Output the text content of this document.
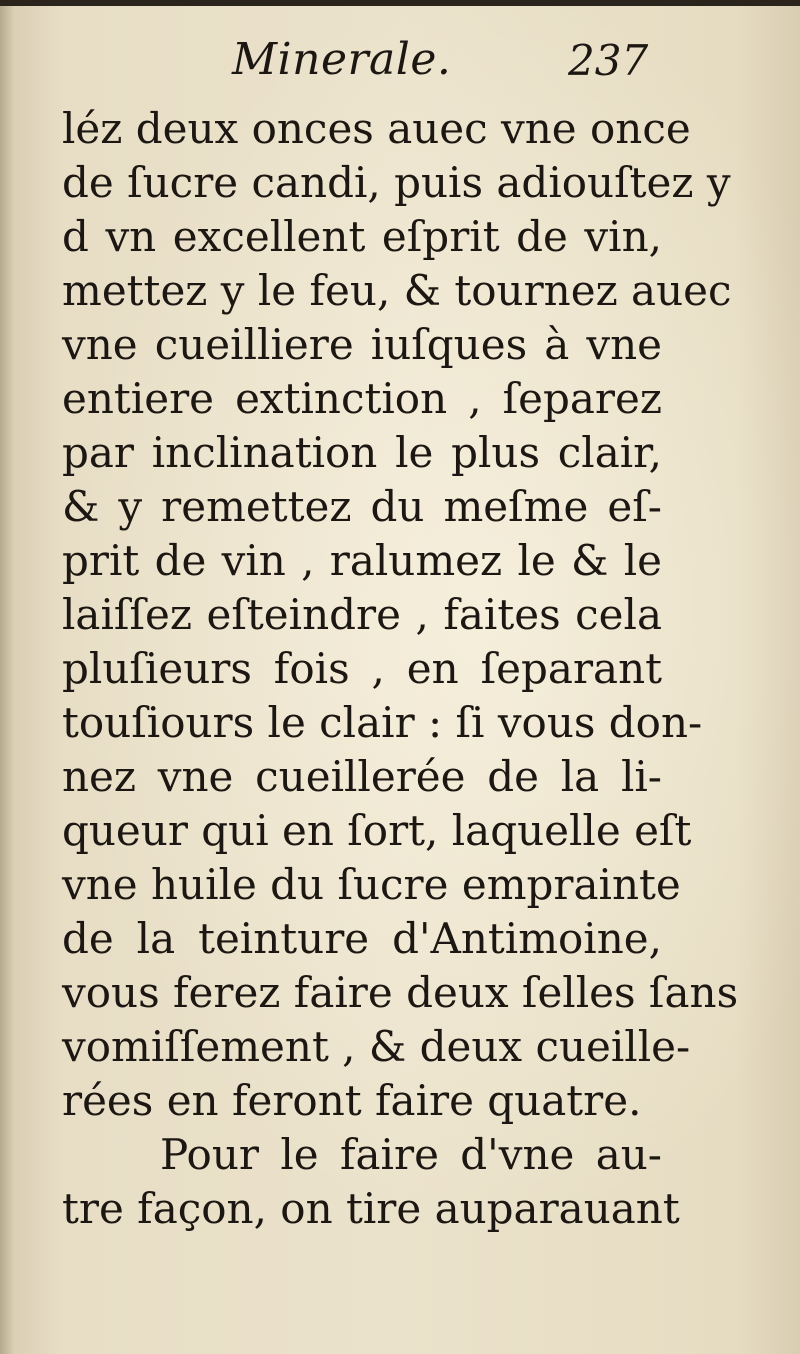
Minerale.	237
léz deux onces auec vne once
de ſucre candi, puis adiouſtez y
d vn excellent eſprit de vin,
mettez y le feu, & tournez auec
vne cueilliere iuſques à vne
entiere extinction , ſeparez
par inclination le plus clair,
& y remettez du meſme eſ-
prit de vin , ralumez le & le
laiſſez eſteindre , faites cela
pluſieurs fois , en ſeparant
touſiours le clair : ſi vous don-
nez vne cueillerée de la li-
queur qui en ſort, laquelle eſt
vne huile du ſucre emprainte
de la teinture d'Antimoine,
vous ferez faire deux ſelles ſans
vomiſſement , & deux cueille-
rées en feront faire quatre.
Pour le faire d'vne au-
tre façon, on tire auparauant
